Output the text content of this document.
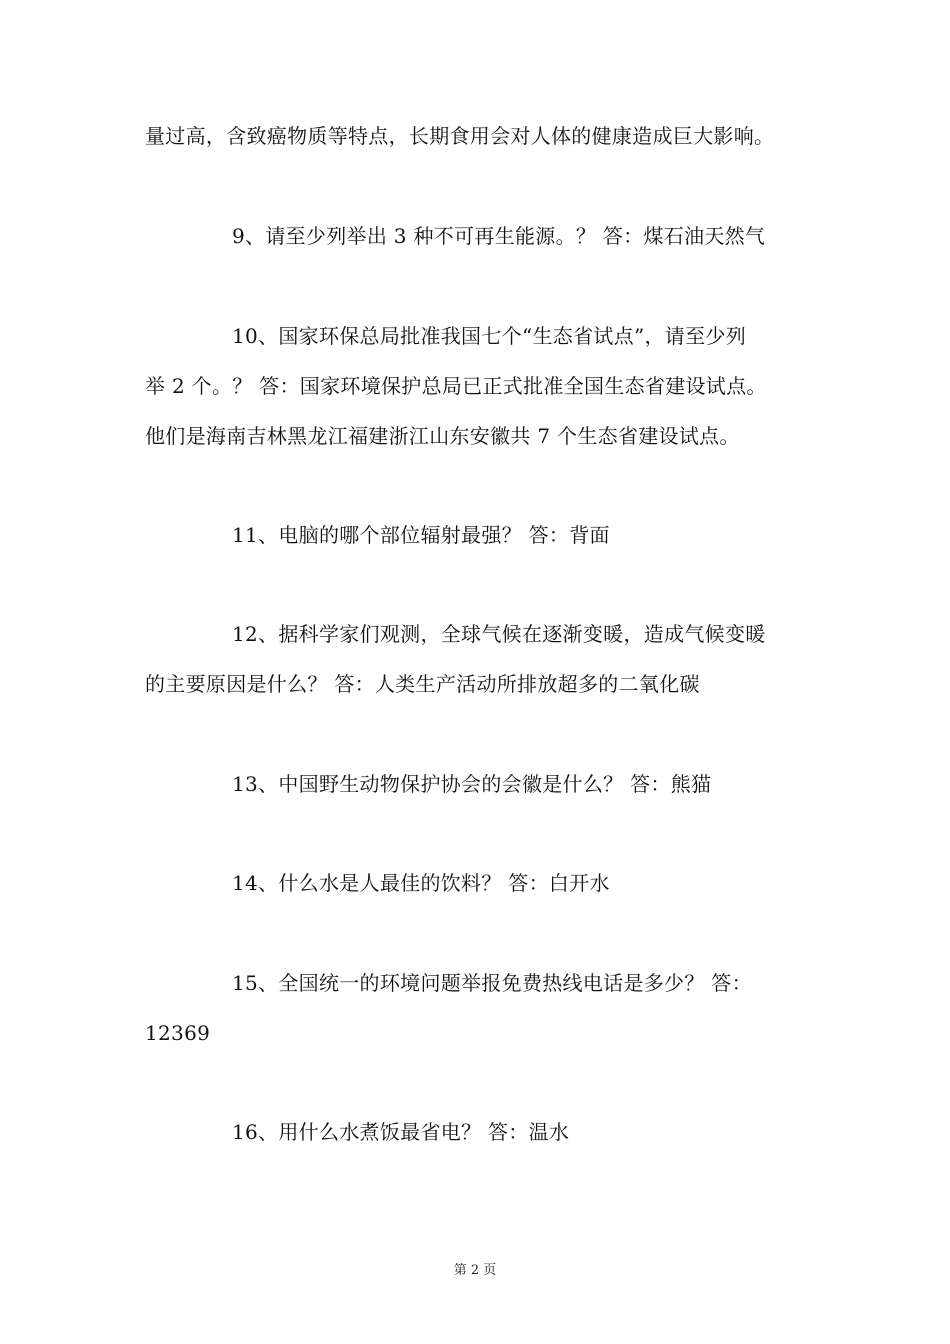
量过高，含致癌物质等特点，长期食用会对人体的健康造成巨大影响。
9、请至少列举出 3 种不可再生能源。？ 答：煤石油天然气
10、国家环保总局批准我国七个“生态省试点”，请至少列
举 2 个。？ 答：国家环境保护总局已正式批准全国生态省建设试点。
他们是海南吉林黑龙江福建浙江山东安徽共 7 个生态省建设试点。
11、电脑的哪个部位辐射最强？ 答：背面
12、据科学家们观测，全球气候在逐渐变暖，造成气候变暖
的主要原因是什么？ 答：人类生产活动所排放超多的二氧化碳
13、中国野生动物保护协会的会徽是什么？ 答：熊猫
14、什么水是人最佳的饮料？ 答：白开水
15、全国统一的环境问题举报免费热线电话是多少？ 答：
12369
16、用什么水煮饭最省电？ 答：温水
第 2 页
